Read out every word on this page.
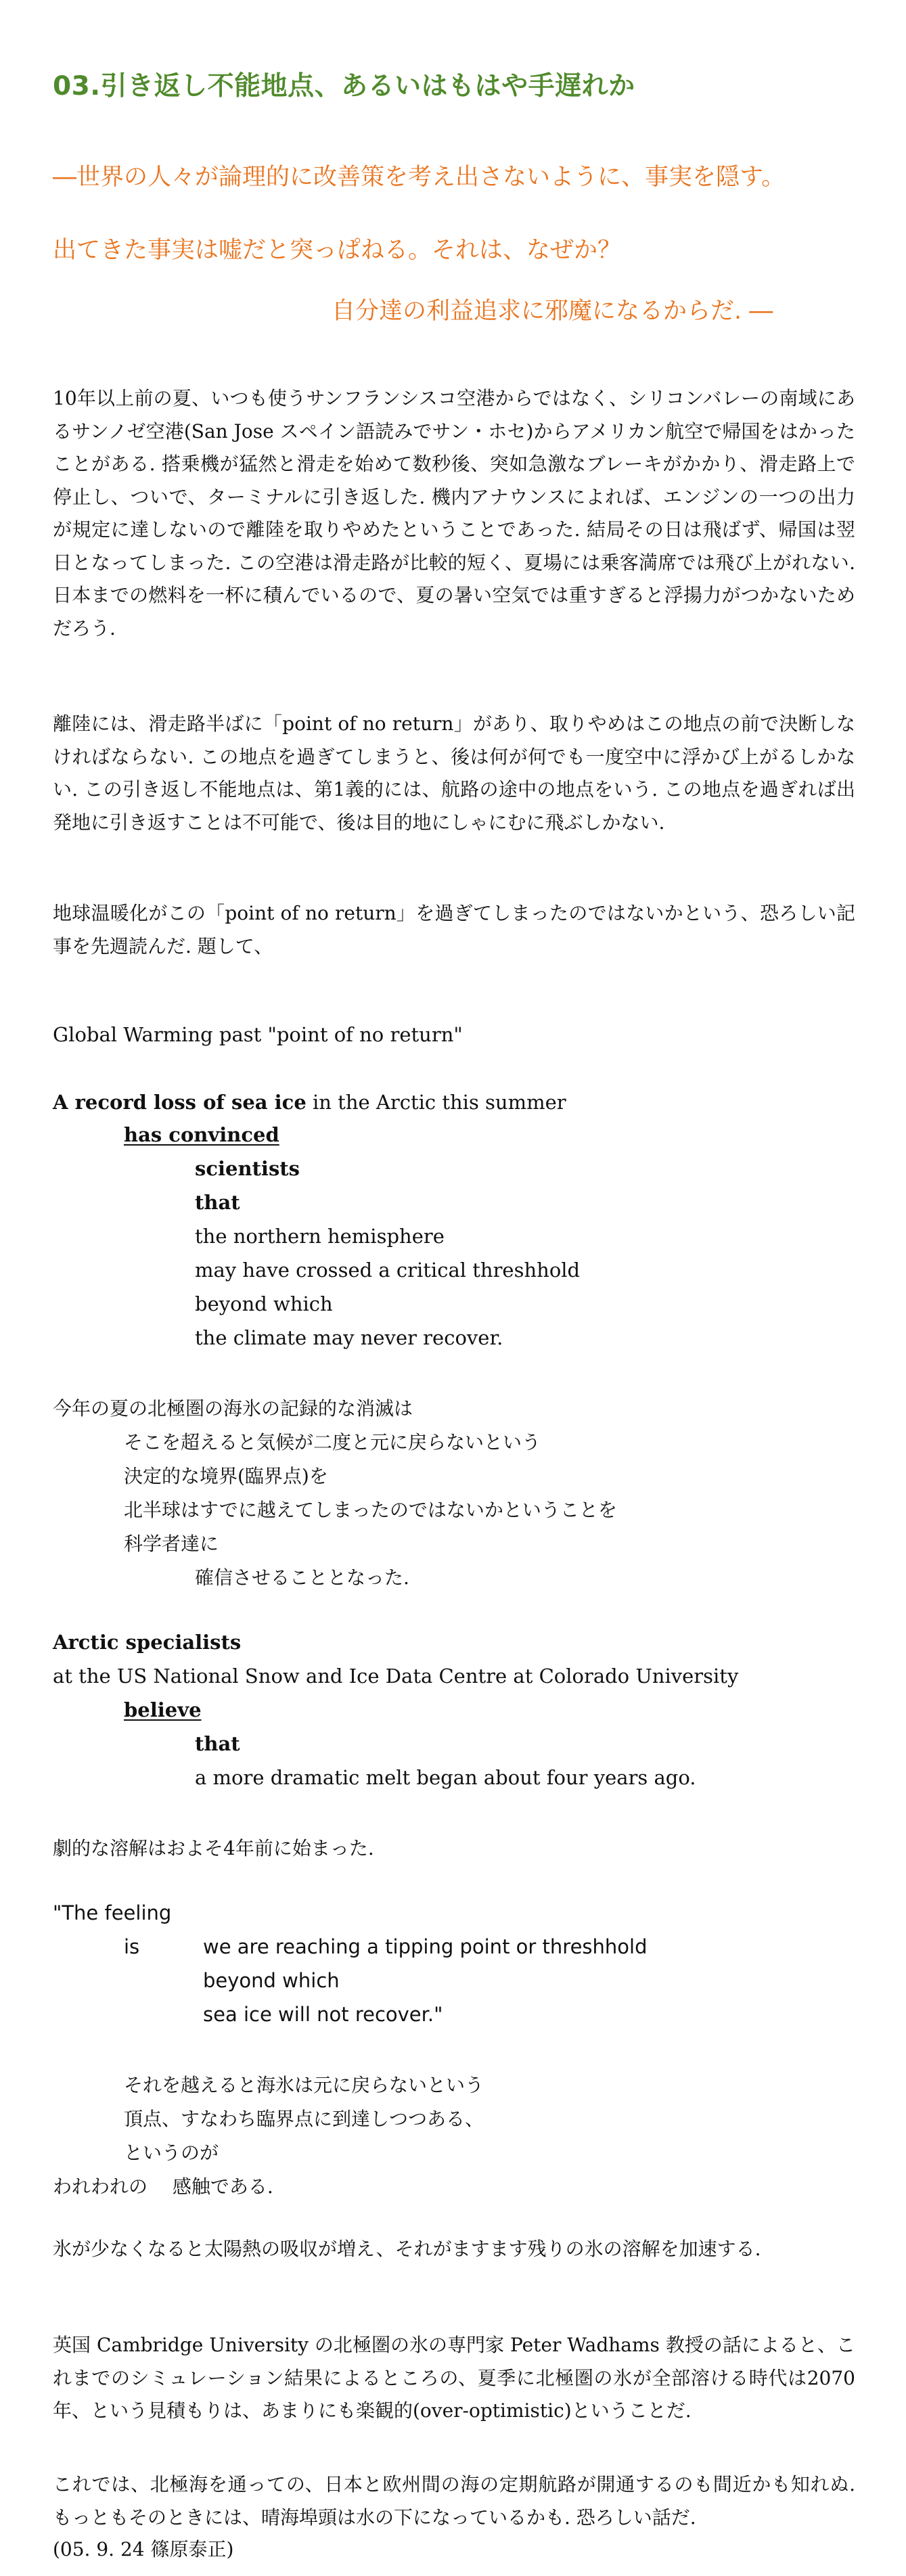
03.引き返し不能地点、あるいはもはや手遅れか
―世界の人々が論理的に改善策を考え出さないように、事実を隠す。
出てきた事実は嘘だと突っぱねる。それは、なぜか？
自分達の利益追求に邪魔になるからだ. ―

10年以上前の夏、いつも使うサンフランシスコ空港からではなく、シリコンバレーの南域にあるサンノゼ空港(San Jose スペイン語読みでサン・ホセ)からアメリカン航空で帰国をはかったことがある. 搭乗機が猛然と滑走を始めて数秒後、突如急激なブレーキがかかり、滑走路上で停止し、ついで、ターミナルに引き返した. 機内アナウンスによれば、エンジンの一つの出力が規定に達しないので離陸を取りやめたということであった. 結局その日は飛ばず、帰国は翌日となってしまった. この空港は滑走路が比較的短く、夏場には乗客満席では飛び上がれない. 日本までの燃料を一杯に積んでいるので、夏の暑い空気では重すぎると浮揚力がつかないためだろう.

離陸には、滑走路半ばに「point of no return」があり、取りやめはこの地点の前で決断しなければならない. この地点を過ぎてしまうと、後は何が何でも一度空中に浮かび上がるしかない. この引き返し不能地点は、第1義的には、航路の途中の地点をいう. この地点を過ぎれば出発地に引き返すことは不可能で、後は目的地にしゃにむに飛ぶしかない.

地球温暖化がこの「point of no return」を過ぎてしまったのではないかという、恐ろしい記事を先週読んだ. 題して、

Global Warming past "point of no return"
A record loss of sea ice in the Arctic this summer
has convinced
scientists
that
the northern hemisphere
may have crossed a critical threshhold
beyond which
the climate may never recover.
今年の夏の北極圏の海氷の記録的な消滅は
そこを超えると気候が二度と元に戻らないという
決定的な境界(臨界点)を
北半球はすでに越えてしまったのではないかということを
科学者達に
確信させることとなった.
Arctic specialists
at the US National Snow and Ice Data Centre at Colorado University
believe
that
a more dramatic melt began about four years ago.
劇的な溶解はおよそ4年前に始まった.
"The feeling
is	we are reaching a tipping point or threshhold
beyond which
sea ice will not recover."
それを越えると海氷は元に戻らないという
頂点、すなわち臨界点に到達しつつある、
というのが
われわれの　 感触である.

氷が少なくなると太陽熱の吸収が増え、それがますます残りの氷の溶解を加速する.

英国 Cambridge University の北極圏の氷の専門家 Peter Wadhams 教授の話によると、これまでのシミュレーション結果によるところの、夏季に北極圏の氷が全部溶ける時代は2070年、という見積もりは、あまりにも楽観的(over-optimistic)ということだ.

これでは、北極海を通っての、日本と欧州間の海の定期航路が開通するのも間近かも知れぬ. もっともそのときには、晴海埠頭は水の下になっているかも. 恐ろしい話だ.

(05. 9. 24 篠原泰正)
